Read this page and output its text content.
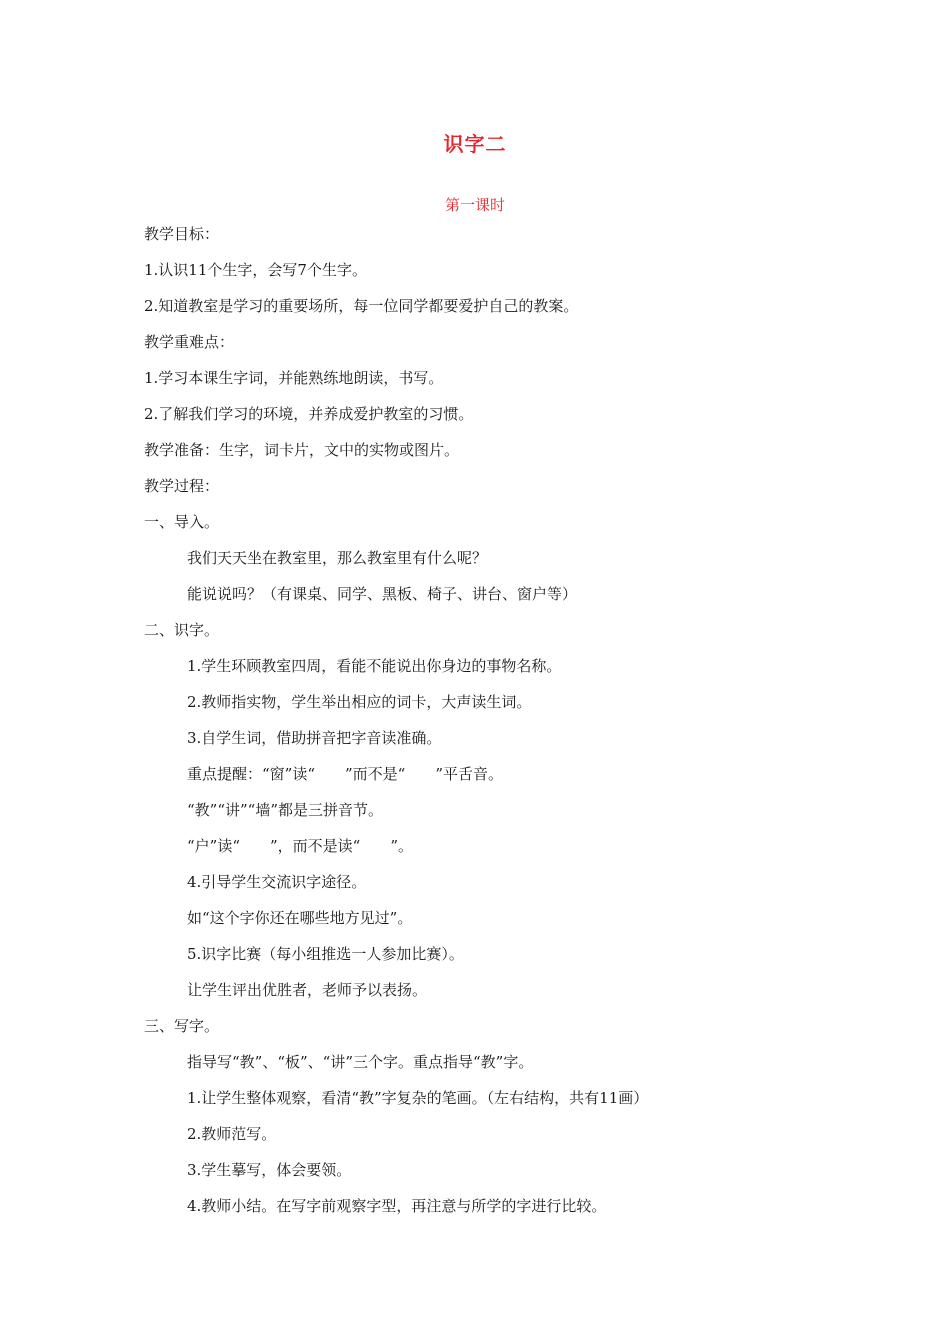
识字二
第一课时
教学目标：
1.认识11个生字，会写7个生字。
2.知道教室是学习的重要场所，每一位同学都要爱护自己的教案。
教学重难点：
1.学习本课生字词，并能熟练地朗读，书写。
2.了解我们学习的环境，并养成爱护教室的习惯。
教学准备：生字，词卡片，文中的实物或图片。
教学过程：
一、导入。
我们天天坐在教室里，那么教室里有什么呢？
能说说吗？（有课桌、同学、黑板、椅子、讲台、窗户等）
二、识字。
1.学生环顾教室四周，看能不能说出你身边的事物名称。
2.教师指实物，学生举出相应的词卡，大声读生词。
3.自学生词，借助拼音把字音读准确。
重点提醒：“窗”读“　　”而不是“　　”平舌音。
“教”“讲”“墙”都是三拼音节。
“户”读“　　”，而不是读“　　”。
4.引导学生交流识字途径。
如“这个字你还在哪些地方见过”。
5.识字比赛（每小组推选一人参加比赛）。
让学生评出优胜者，老师予以表扬。
三、写字。
指导写“教”、“板”、“讲”三个字。重点指导“教”字。
1.让学生整体观察，看清“教”字复杂的笔画。（左右结构，共有11画）
2.教师范写。
3.学生摹写，体会要领。
4.教师小结。在写字前观察字型，再注意与所学的字进行比较。
